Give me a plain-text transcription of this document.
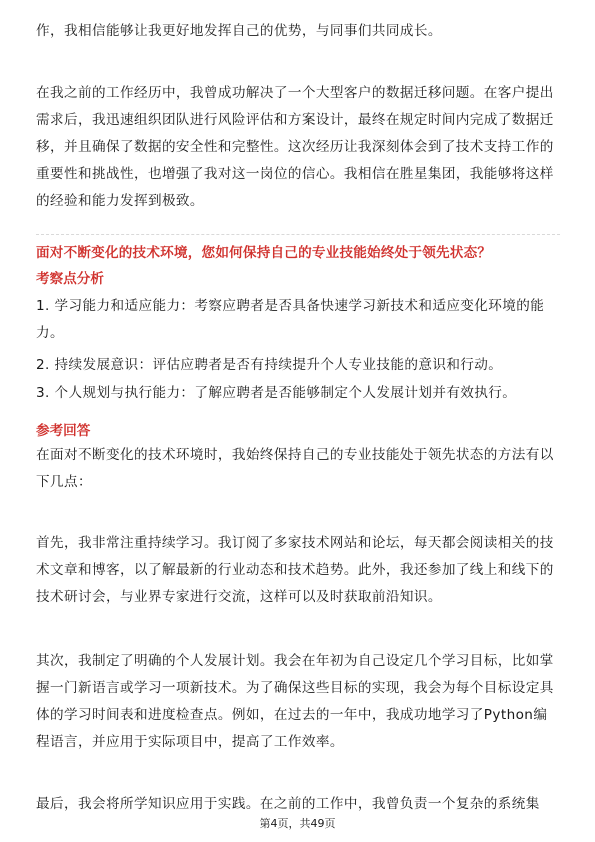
作，我相信能够让我更好地发挥自己的优势，与同事们共同成长。
在我之前的工作经历中，我曾成功解决了一个大型客户的数据迁移问题。在客户提出需求后，我迅速组织团队进行风险评估和方案设计，最终在规定时间内完成了数据迁移，并且确保了数据的安全性和完整性。这次经历让我深刻体会到了技术支持工作的重要性和挑战性，也增强了我对这一岗位的信心。我相信在胜星集团，我能够将这样的经验和能力发挥到极致。
面对不断变化的技术环境，您如何保持自己的专业技能始终处于领先状态？
考察点分析
1. 学习能力和适应能力：考察应聘者是否具备快速学习新技术和适应变化环境的能力。
2. 持续发展意识：评估应聘者是否有持续提升个人专业技能的意识和行动。
3. 个人规划与执行能力：了解应聘者是否能够制定个人发展计划并有效执行。
参考回答
在面对不断变化的技术环境时，我始终保持自己的专业技能处于领先状态的方法有以下几点：
首先，我非常注重持续学习。我订阅了多家技术网站和论坛，每天都会阅读相关的技术文章和博客，以了解最新的行业动态和技术趋势。此外，我还参加了线上和线下的技术研讨会，与业界专家进行交流，这样可以及时获取前沿知识。
其次，我制定了明确的个人发展计划。我会在年初为自己设定几个学习目标，比如掌握一门新语言或学习一项新技术。为了确保这些目标的实现，我会为每个目标设定具体的学习时间表和进度检查点。例如，在过去的一年中，我成功地学习了Python编程语言，并应用于实际项目中，提高了工作效率。
最后，我会将所学知识应用于实践。在之前的工作中，我曾负责一个复杂的系统集
第4页，共49页
